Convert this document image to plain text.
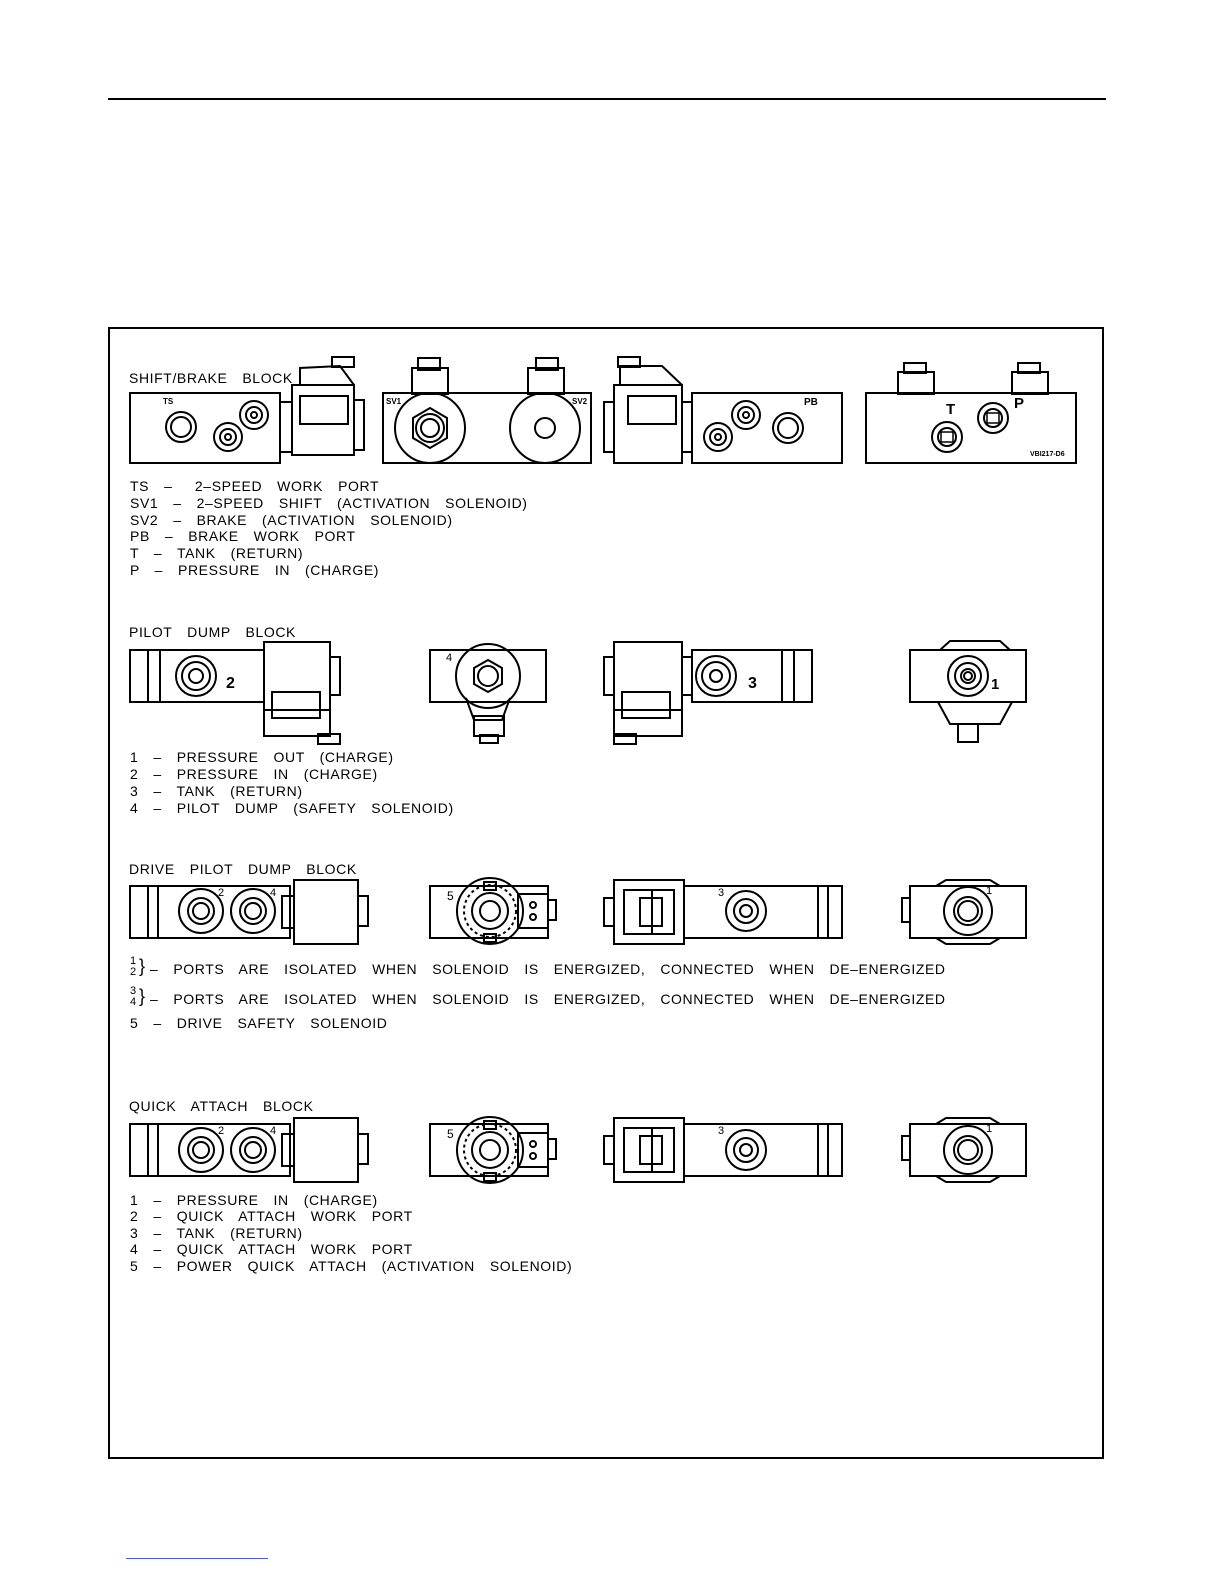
TS	SV1	SV2	PB	T	P
VBI217-D6
2
4
3	1
2	4	5	3	1
2	4	5	3	1
SHIFT/BRAKE  BLOCK
TS  –   2–SPEED  WORK  PORT
SV1  –  2–SPEED  SHIFT  (ACTIVATION  SOLENOID)
SV2  –  BRAKE  (ACTIVATION  SOLENOID)
PB  –  BRAKE  WORK  PORT
T  –  TANK  (RETURN)
P  –  PRESSURE  IN  (CHARGE)
PILOT  DUMP  BLOCK
1  –  PRESSURE  OUT  (CHARGE)
2  –  PRESSURE  IN  (CHARGE)
3  –  TANK  (RETURN)
4  –  PILOT  DUMP  (SAFETY  SOLENOID)
DRIVE  PILOT  DUMP  BLOCK
1
2 } –  PORTS  ARE  ISOLATED  WHEN  SOLENOID  IS  ENERGIZED,  CONNECTED  WHEN  DE–ENERGIZED
3
4 } –  PORTS  ARE  ISOLATED  WHEN  SOLENOID  IS  ENERGIZED,  CONNECTED  WHEN  DE–ENERGIZED
5  –  DRIVE  SAFETY  SOLENOID
QUICK  ATTACH  BLOCK
1  –  PRESSURE  IN  (CHARGE)
2  –  QUICK  ATTACH  WORK  PORT
3  –  TANK  (RETURN)
4  –  QUICK  ATTACH  WORK  PORT
5  –  POWER  QUICK  ATTACH  (ACTIVATION  SOLENOID)
